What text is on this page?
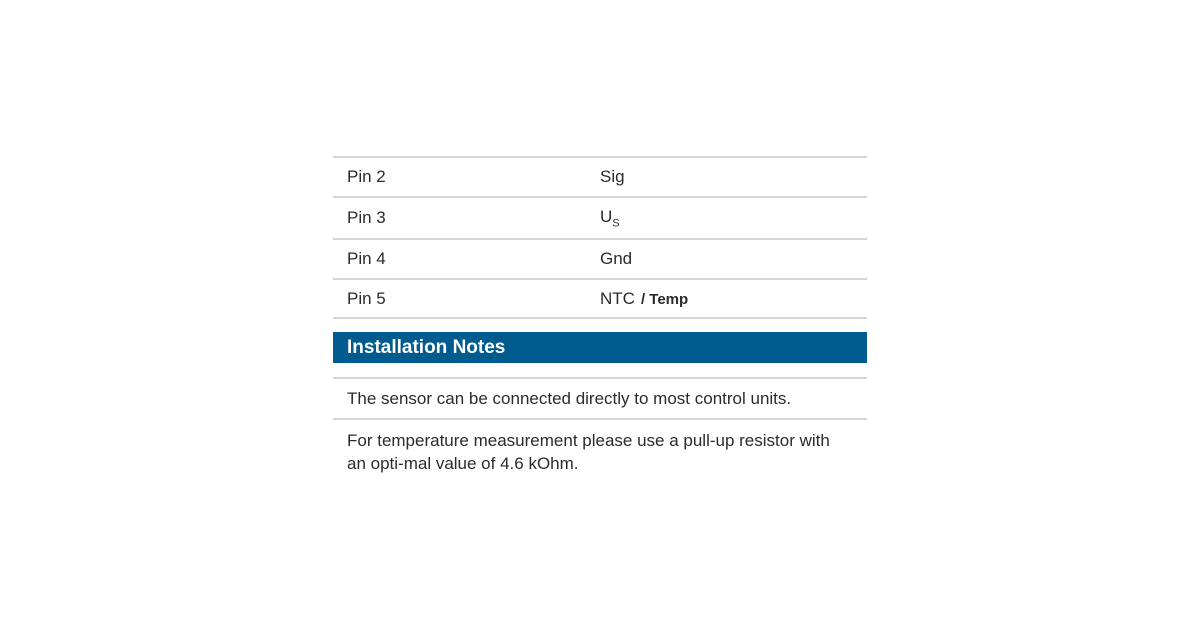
Pin 2	Sig
Pin 3	$U_S$
Pin 4	Gnd
Pin 5	NTC / Temp
Installation Notes
The sensor can be connected directly to most control units.
For temperature measurement please use a pull-up resistor with an opti-mal value of 4.6 kOhm.
